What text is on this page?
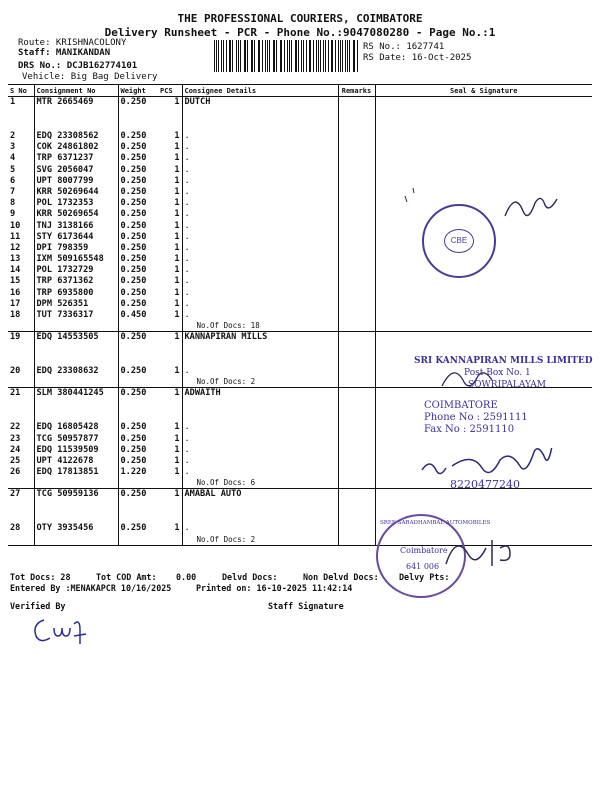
THE PROFESSIONAL COURIERS, COIMBATORE
Delivery Runsheet - PCR - Phone No.:9047080280 - Page No.:1
Route: KRISHNACOLONY
Staff: MANIKANDAN
DRS No.: DCJB162774101
Vehicle: Big Bag Delivery
RS No.: 1627741
RS Date: 16-Oct-2025
S No	Consignment No	Weight	PCS	Consignee Details	Remarks	Seal & Signature
1	MTR 2665469	0.250	1	DUTCH		

2	EDQ 23308562	0.250	1	.		
3	COK 24861802	0.250	1	.		
4	TRP 6371237	0.250	1	.		
5	SVG 2056047	0.250	1	.		
6	UPT 8007799	0.250	1	.		
7	KRR 50269644	0.250	1	.		
8	POL 1732353	0.250	1	.		
9	KRR 50269654	0.250	1	.		
10	TNJ 3138166	0.250	1	.		
11	STY 6173644	0.250	1	.		
12	DPI 798359	0.250	1	.		
13	IXM 509165548	0.250	1	.		
14	POL 1732729	0.250	1	.		
15	TRP 6371362	0.250	1	.		
16	TRP 6935800	0.250	1	.		
17	DPM 526351	0.250	1	.		
18	TUT 7336317	0.450	1	.		
				No.Of Docs: 18		
19	EDQ 14553505	0.250	1	KANNAPIRAN MILLS		

20	EDQ 23308632	0.250	1	.		
				No.Of Docs: 2		
21	SLM 380441245	0.250	1	ADWAITH		

22	EDQ 16805428	0.250	1	.		
23	TCG 50957877	0.250	1	.		
24	EDQ 11539509	0.250	1	.		
25	UPT 4122678	0.250	1	.		
26	EDQ 17813851	1.220	1	.		
				No.Of Docs: 6		
27	TCG 50959136	0.250	1	AMABAL AUTO		

28	OTY 3935456	0.250	1	.		
				No.Of Docs: 2		

CBE
SRI KANNAPIRAN MILLS LIMITED
Post Box No. 1
SOWRIPALAYAM
COIMBATORE
Phone No : 2591111
Fax No : 2591110
8220477240
SREE SARADHAMBAL AUTOMOBILES
Coimbatore
641 006
Tot Docs: 28	Tot COD Amt: 0.00	Delvd Docs:	Non Delvd Docs: Delvy Pts:
Entered By :MENAKAPCR 10/16/2025	Printed on: 16-10-2025 11:42:14
Verified By	Staff Signature
